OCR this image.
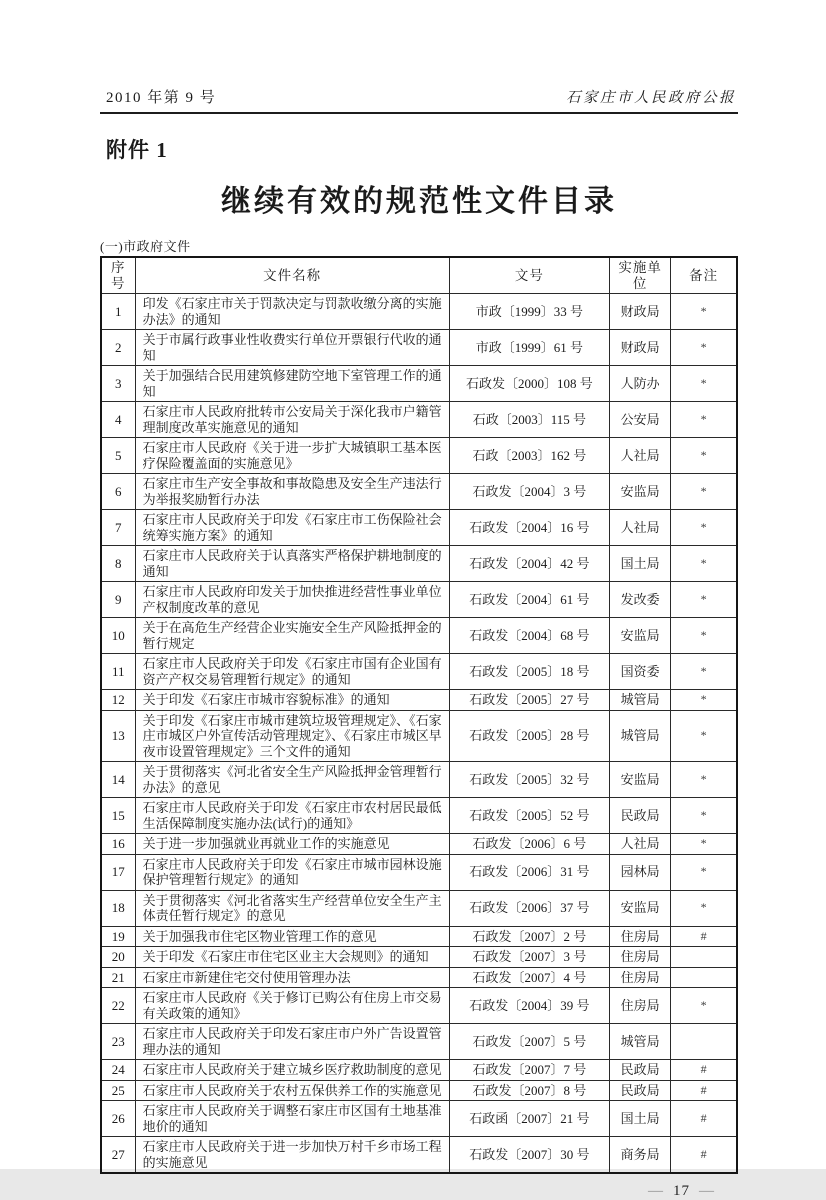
2010 年第 9 号	石家庄市人民政府公报
附件 1
继续有效的规范性文件目录
(一)市政府文件
序号	文件名称	文号	实施单位	备注
1	印发《石家庄市关于罚款决定与罚款收缴分离的实施办法》的通知	市政〔1999〕33 号	财政局	*
2	关于市属行政事业性收费实行单位开票银行代收的通知	市政〔1999〕61 号	财政局	*
3	关于加强结合民用建筑修建防空地下室管理工作的通知	石政发〔2000〕108 号	人防办	*
4	石家庄市人民政府批转市公安局关于深化我市户籍管理制度改革实施意见的通知	石政〔2003〕115 号	公安局	*
5	石家庄市人民政府《关于进一步扩大城镇职工基本医疗保险覆盖面的实施意见》	石政〔2003〕162 号	人社局	*
6	石家庄市生产安全事故和事故隐患及安全生产违法行为举报奖励暂行办法	石政发〔2004〕3 号	安监局	*
7	石家庄市人民政府关于印发《石家庄市工伤保险社会统筹实施方案》的通知	石政发〔2004〕16 号	人社局	*
8	石家庄市人民政府关于认真落实严格保护耕地制度的通知	石政发〔2004〕42 号	国土局	*
9	石家庄市人民政府印发关于加快推进经营性事业单位产权制度改革的意见	石政发〔2004〕61 号	发改委	*
10	关于在高危生产经营企业实施安全生产风险抵押金的暂行规定	石政发〔2004〕68 号	安监局	*
11	石家庄市人民政府关于印发《石家庄市国有企业国有资产产权交易管理暂行规定》的通知	石政发〔2005〕18 号	国资委	*
12	关于印发《石家庄市城市容貌标准》的通知	石政发〔2005〕27 号	城管局	*
13	关于印发《石家庄市城市建筑垃圾管理规定》、《石家庄市城区户外宣传活动管理规定》、《石家庄市城区早夜市设置管理规定》三个文件的通知	石政发〔2005〕28 号	城管局	*
14	关于贯彻落实《河北省安全生产风险抵押金管理暂行办法》的意见	石政发〔2005〕32 号	安监局	*
15	石家庄市人民政府关于印发《石家庄市农村居民最低生活保障制度实施办法(试行)的通知》	石政发〔2005〕52 号	民政局	*
16	关于进一步加强就业再就业工作的实施意见	石政发〔2006〕6 号	人社局	*
17	石家庄市人民政府关于印发《石家庄市城市园林设施保护管理暂行规定》的通知	石政发〔2006〕31 号	园林局	*
18	关于贯彻落实《河北省落实生产经营单位安全生产主体责任暂行规定》的意见	石政发〔2006〕37 号	安监局	*
19	关于加强我市住宅区物业管理工作的意见	石政发〔2007〕2 号	住房局	#
20	关于印发《石家庄市住宅区业主大会规则》的通知	石政发〔2007〕3 号	住房局	
21	石家庄市新建住宅交付使用管理办法	石政发〔2007〕4 号	住房局	
22	石家庄市人民政府《关于修订已购公有住房上市交易有关政策的通知》	石政发〔2004〕39 号	住房局	*
23	石家庄市人民政府关于印发石家庄市户外广告设置管理办法的通知	石政发〔2007〕5 号	城管局	
24	石家庄市人民政府关于建立城乡医疗救助制度的意见	石政发〔2007〕7 号	民政局	#
25	石家庄市人民政府关于农村五保供养工作的实施意见	石政发〔2007〕8 号	民政局	#
26	石家庄市人民政府关于调整石家庄市区国有土地基准地价的通知	石政函〔2007〕21 号	国土局	#
27	石家庄市人民政府关于进一步加快万村千乡市场工程的实施意见	石政发〔2007〕30 号	商务局	#
— 17 —
